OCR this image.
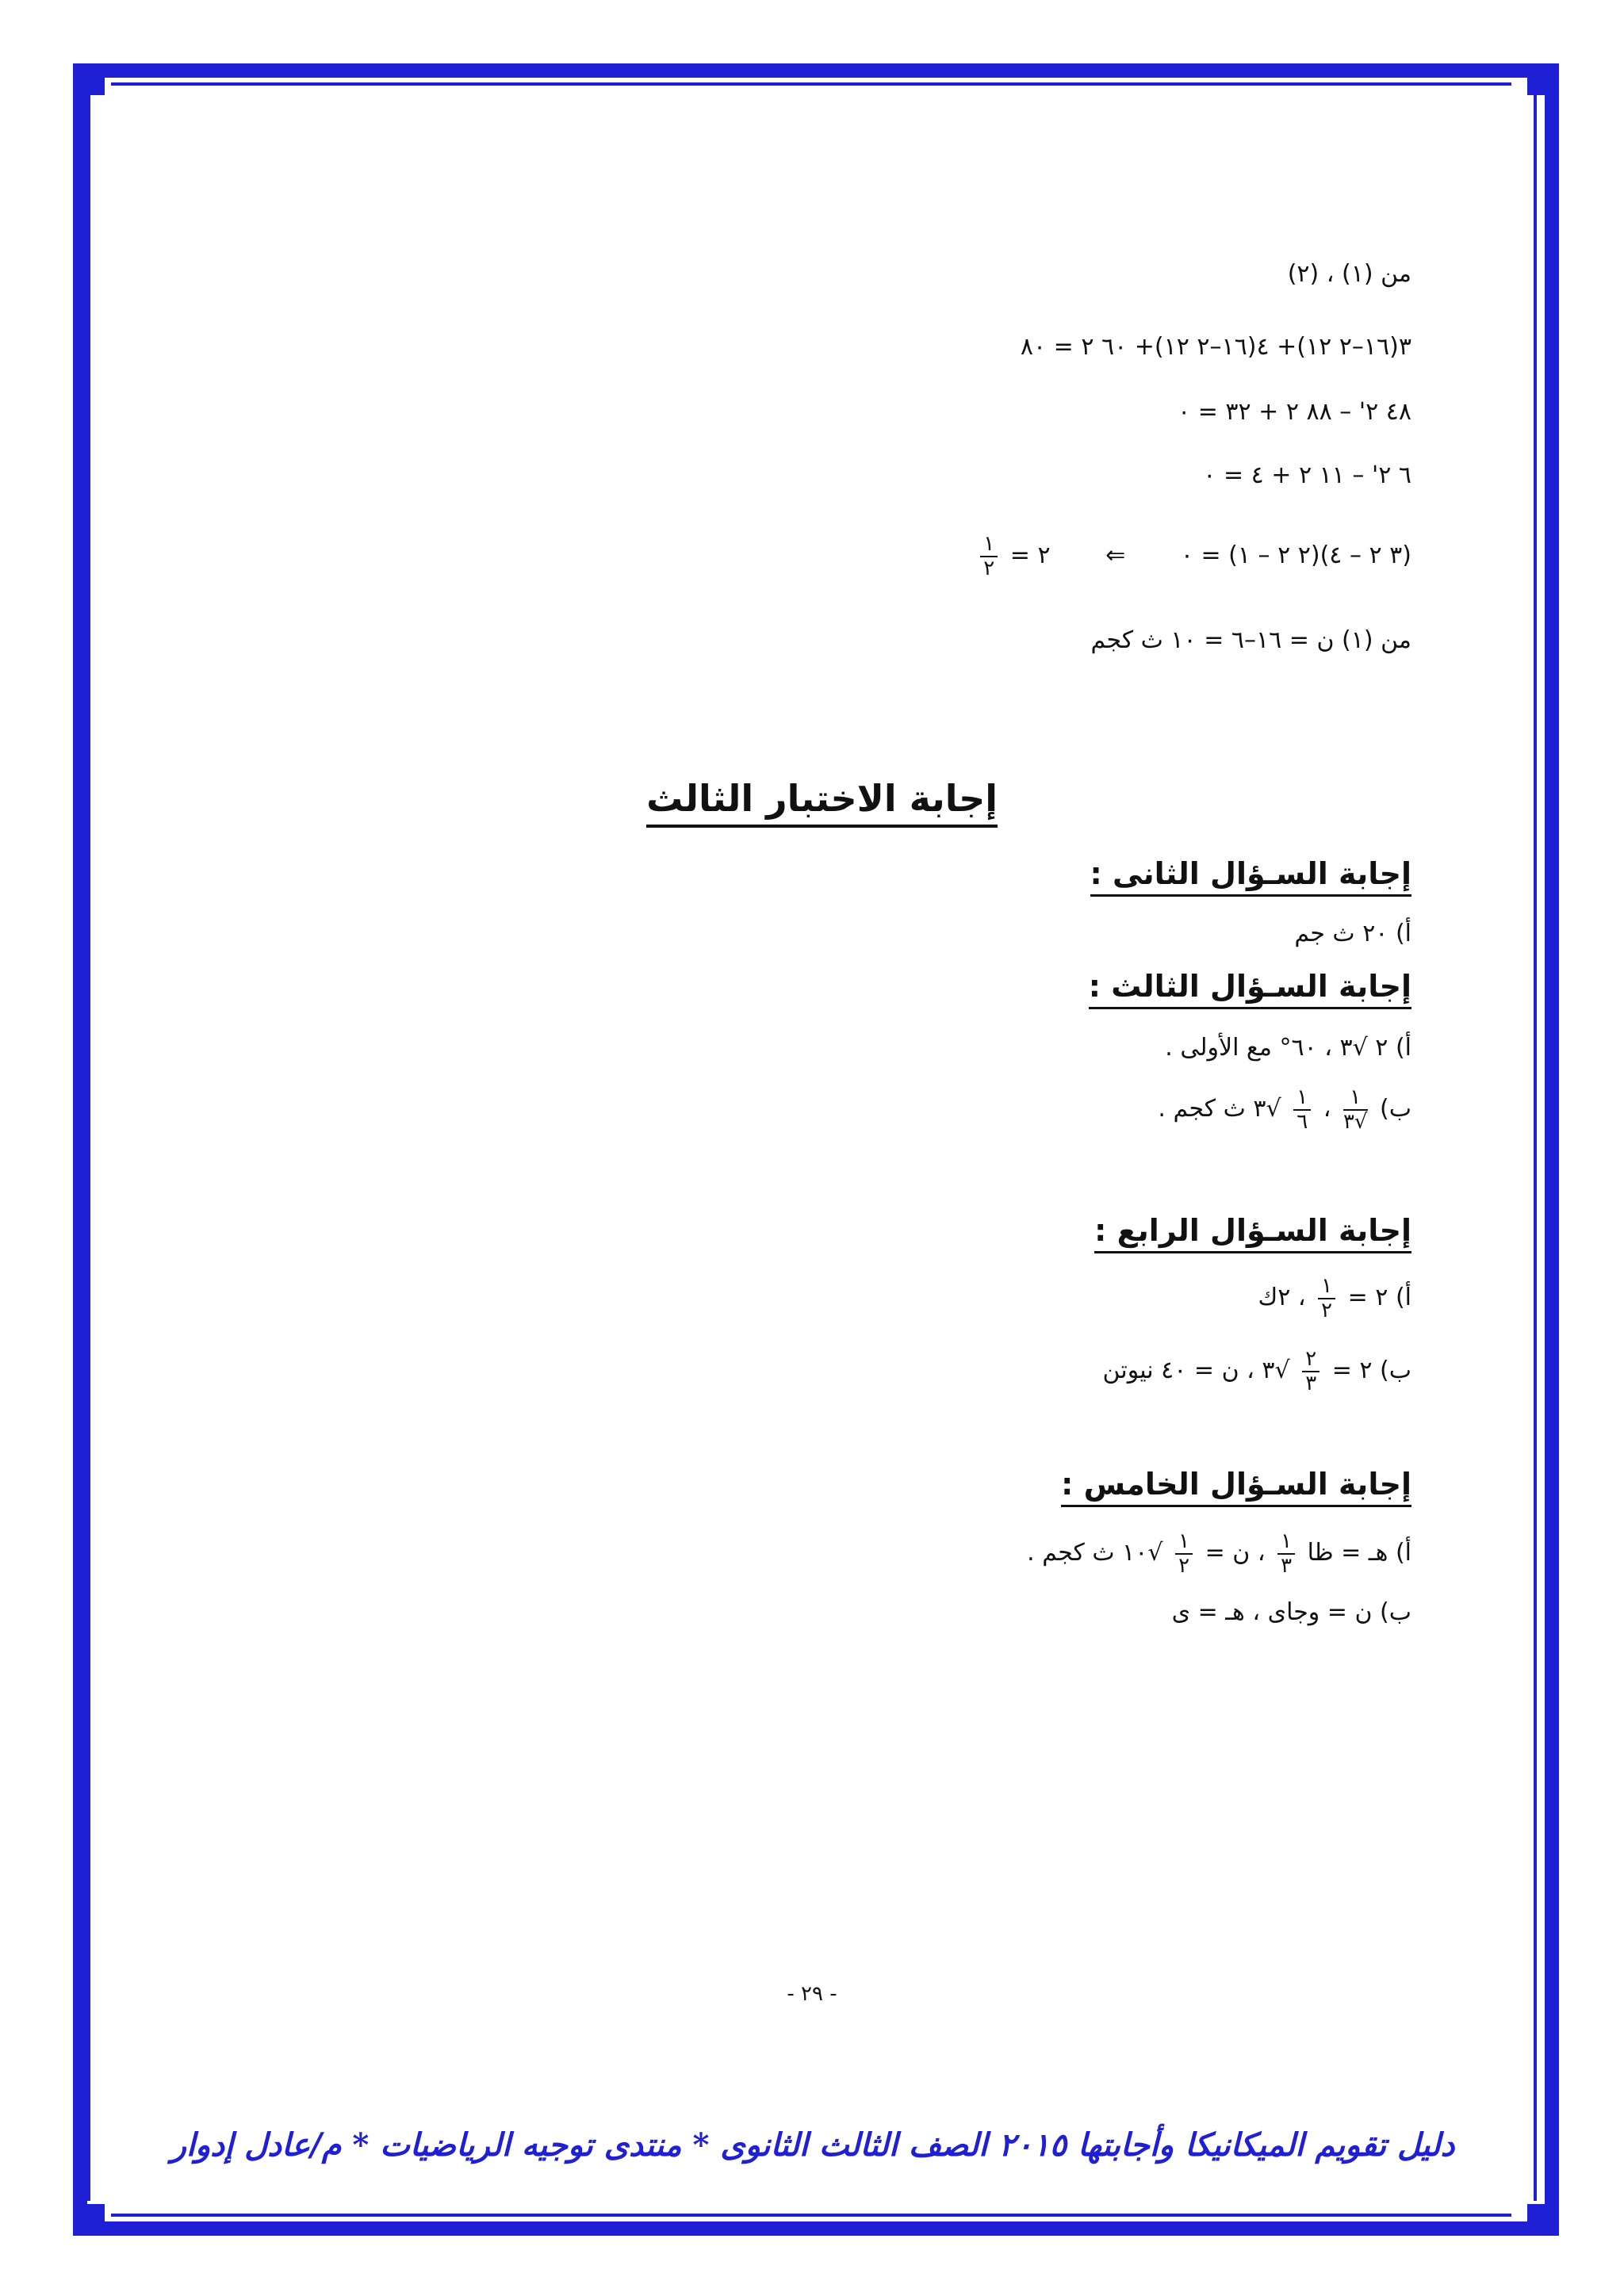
من (١) ، (٢)
٣(١٦–٢ ١٢)+ ٤(١٦–٢ ١٢)+ ٦٠ ٢ = ٨٠
٤٨ ٢' – ٨٨ ٢ + ٣٢ = ٠
٦ ٢' – ١١ ٢ + ٤ = ٠
(٣ ٢ – ٤)(٢ ٢ – ١) = ٠ ⇐ ٢ =
$\frac{١}{٢}$
من (١) ن = ١٦–٦ = ١٠ ث كجم
إجابة الاختبار الثالث
إجابة السـؤال الثانى :
أ) ٢٠ ث جم
إجابة السـؤال الثالث :
أ) ٢ √٣ ، ٦٠° مع الأولى .
ب)
$\frac{١}{√٣}$
،
$\frac{١}{٦}$
√٣ ث كجم .
إجابة السـؤال الرابع :
أ) ٢ =
$\frac{١}{٢}$
، ٢ك
ب) ٢ =
$\frac{٢}{٣}$
√٣ ، ن = ٤٠ نيوتن
إجابة السـؤال الخامس :
أ) هـ = ظا
$\frac{١}{٣}$
، ن =
$\frac{١}{٢}$
√١٠ ث كجم .
ب) ن = وجاى ، هـ = ى
- ٢٩ -
دليل تقويم الميكانيكا وأجابتها ٢٠١٥ الصف الثالث الثانوى * منتدى توجيه الرياضيات * م/عادل إدوار
